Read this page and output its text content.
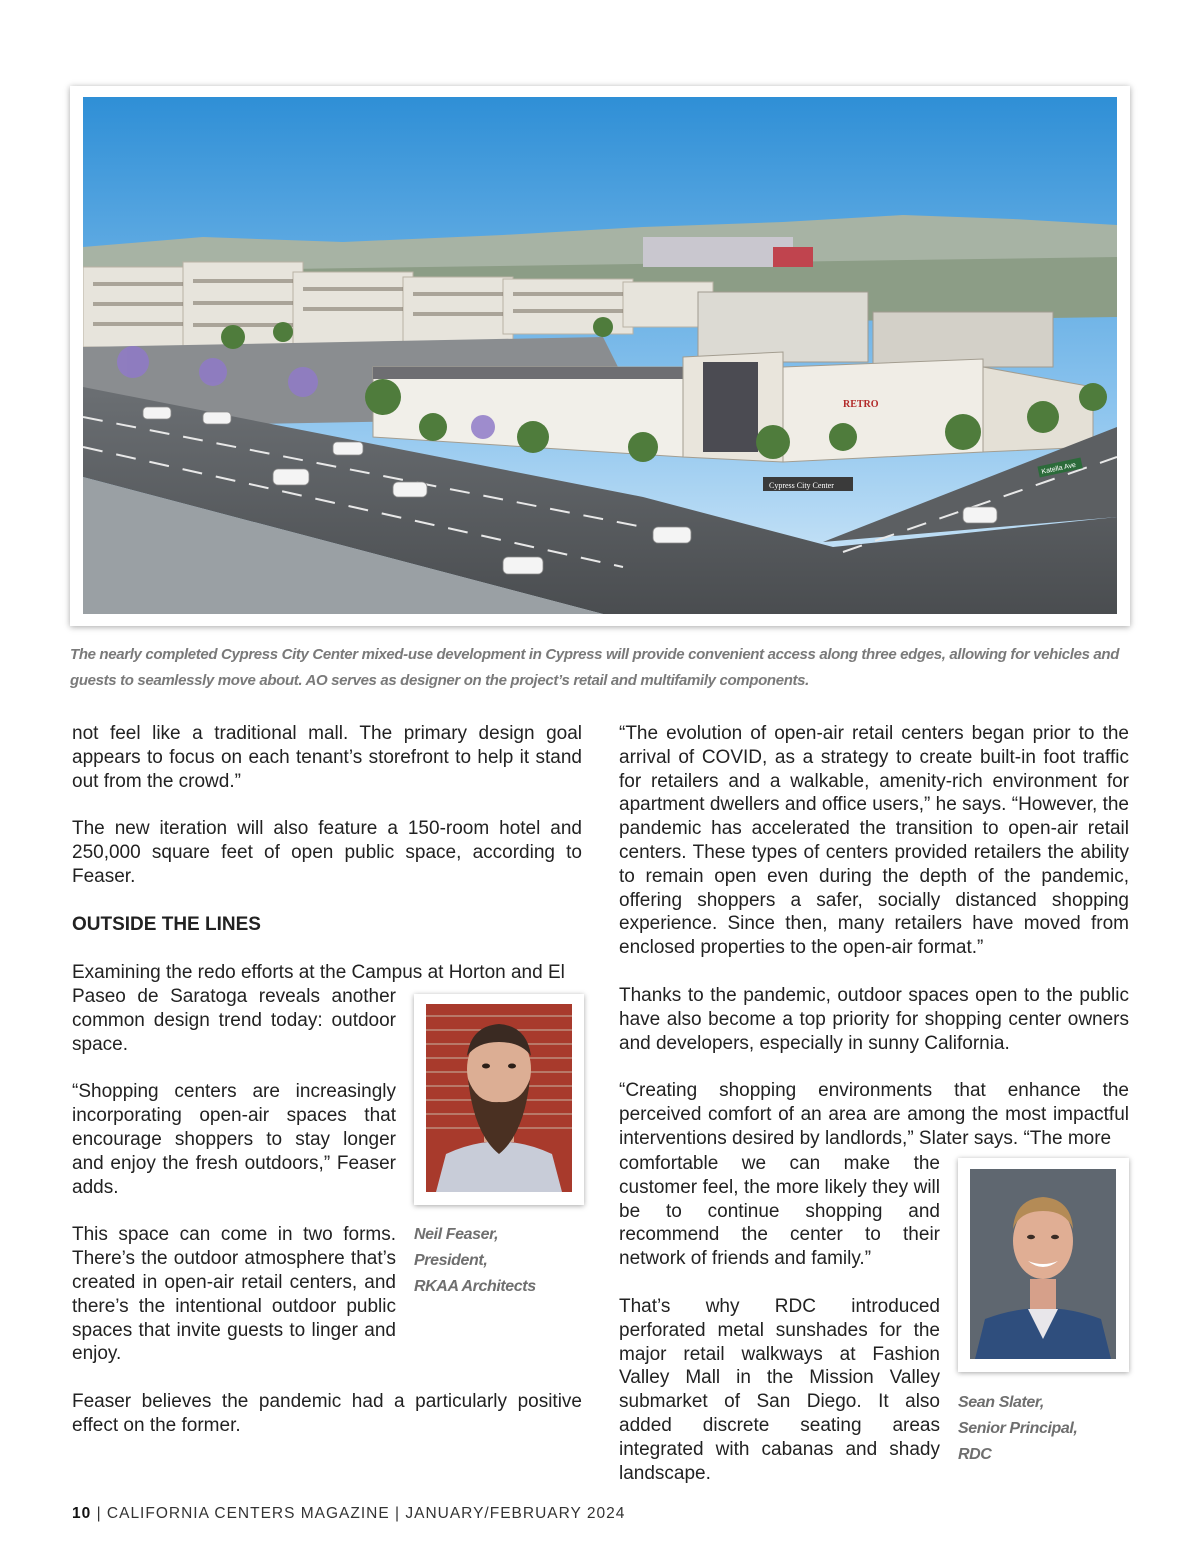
RETRO
Cypress City Center
Katella Ave
The nearly completed Cypress City Center mixed-use development in Cypress will provide convenient access along three edges, allowing for vehicles and guests to seamlessly move about. AO serves as designer on the project’s retail and multifamily components.

not feel like a traditional mall. The primary design goal appears to focus on each tenant’s storefront to help it stand out from the crowd.”

The new iteration will also feature a 150-room hotel and 250,000 square feet of open public space, according to Feaser.

OUTSIDE THE LINES
Examining the redo efforts at the Campus at Horton and El

Paseo de Saratoga reveals another common design trend today: outdoor space.

“Shopping centers are increasingly incorporating open-air spaces that encourage shoppers to stay longer and enjoy the fresh outdoors,” Feaser adds.

This space can come in two forms. There’s the outdoor atmosphere that’s created in open-air retail centers, and there’s the intentional outdoor public spaces that invite guests to linger and enjoy.

Feaser believes the pandemic had a particularly positive effect on the former.

Neil Feaser,
President,
RKAA Architects

“The evolution of open-air retail centers began prior to the arrival of COVID, as a strategy to create built-in foot traffic for retailers and a walkable, amenity-rich environment for apartment dwellers and office users,” he says. “However, the pandemic has accelerated the transition to open-air retail centers. These types of centers provided retailers the ability to remain open even during the depth of the pandemic, offering shoppers a safer, socially distanced shopping experience. Since then, many retailers have moved from enclosed properties to the open-air format.”

Thanks to the pandemic, outdoor spaces open to the public have also become a top priority for shopping center owners and developers, especially in sunny California.

“Creating shopping environments that enhance the perceived comfort of an area are among the most impactful interventions desired by landlords,” Slater says. “The more

comfortable we can make the customer feel, the more likely they will be to continue shopping and recommend the center to their network of friends and family.”

That’s why RDC introduced perforated metal sunshades for the major retail walkways at Fashion Valley Mall in the Mission Valley submarket of San Diego. It also added discrete seating areas integrated with cabanas and shady landscape.

Sean Slater,
Senior Principal,
RDC
10 | CALIFORNIA CENTERS MAGAZINE | JANUARY/FEBRUARY 2024
